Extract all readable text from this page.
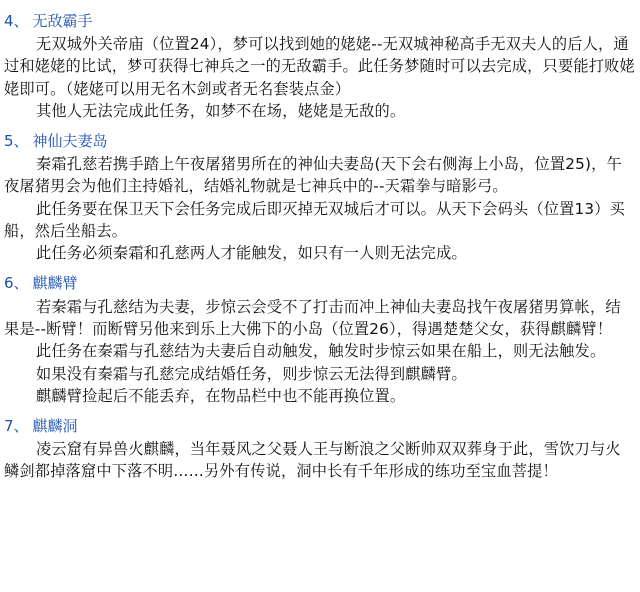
4、 无敌霸手

无双城外关帝庙（位置24），梦可以找到她的姥姥--无双城神秘高手无双夫人的后人，通过和姥姥的比试，梦可获得七神兵之一的无敌霸手。此任务梦随时可以去完成，只要能打败姥姥即可。（姥姥可以用无名木剑或者无名套装点金）

其他人无法完成此任务，如梦不在场，姥姥是无敌的。

5、 神仙夫妻岛

秦霜孔慈若携手踏上午夜屠猪男所在的神仙夫妻岛(天下会右侧海上小岛，位置25)，午夜屠猪男会为他们主持婚礼，结婚礼物就是七神兵中的--天霜拳与暗影弓。

此任务要在保卫天下会任务完成后即灭掉无双城后才可以。从天下会码头（位置13）买船，然后坐船去。

此任务必须秦霜和孔慈两人才能触发，如只有一人则无法完成。

6、 麒麟臂

若秦霜与孔慈结为夫妻，步惊云会受不了打击而冲上神仙夫妻岛找午夜屠猪男算帐，结果是--断臂！而断臂另他来到乐上大佛下的小岛（位置26），得遇楚楚父女，获得麒麟臂！

此任务在秦霜与孔慈结为夫妻后自动触发，触发时步惊云如果在船上，则无法触发。

如果没有秦霜与孔慈完成结婚任务，则步惊云无法得到麒麟臂。

麒麟臂捡起后不能丢弃，在物品栏中也不能再换位置。

7、 麒麟洞

凌云窟有异兽火麒麟，当年聂风之父聂人王与断浪之父断帅双双葬身于此，雪饮刀与火鳞剑都掉落窟中下落不明……另外有传说，洞中长有千年形成的练功至宝血菩提！
